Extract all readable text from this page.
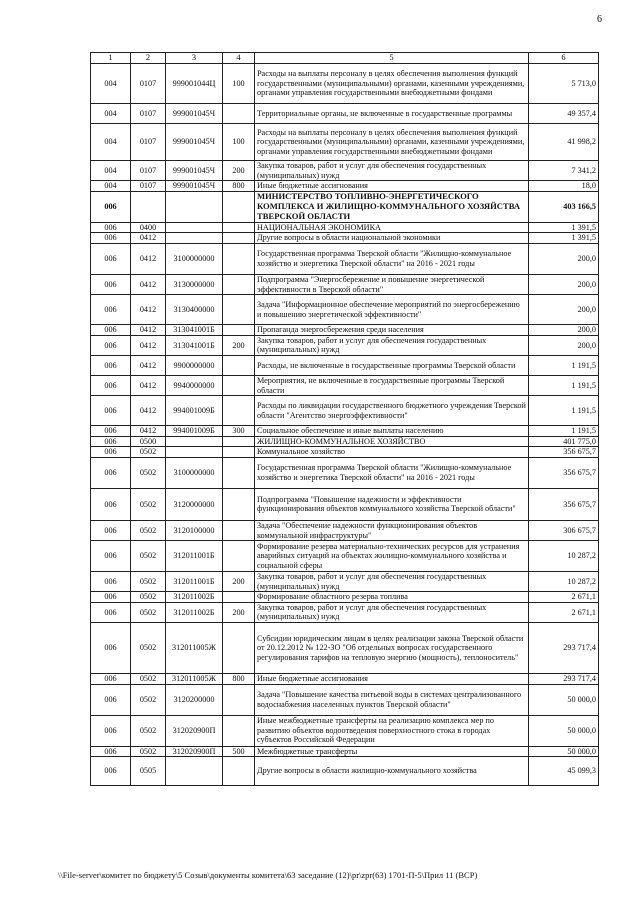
6
1	2	3	4	5	6
004	0107	999001044Ц	100	Расходы на выплаты персоналу в целях обеспечения выполнения функций государственными (муниципальными) органами, казенными учреждениями, органами управления государственными внебюджетными фондами	5 713,0
004	0107	999001045Ч		Территориальные органы, не включенные в государственные программы	49 357,4
004	0107	999001045Ч	100	Расходы на выплаты персоналу в целях обеспечения выполнения функций государственными (муниципальными) органами, казенными учреждениями, органами управления государственными внебюджетными фондами	41 998,2
004	0107	999001045Ч	200	Закупка товаров, работ и услуг для обеспечения государственных (муниципальных) нужд	7 341,2
004	0107	999001045Ч	800	Иные бюджетные ассигнования	18,0
006				МИНИСТЕРСТВО ТОПЛИВНО-ЭНЕРГЕТИЧЕСКОГО КОМПЛЕКСА И ЖИЛИЩНО-КОММУНАЛЬНОГО ХОЗЯЙСТВА ТВЕРСКОЙ ОБЛАСТИ	403 166,5
006	0400			НАЦИОНАЛЬНАЯ ЭКОНОМИКА	1 391,5
006	0412			Другие вопросы в области национальной экономики	1 391,5
006	0412	3100000000		Государственная программа Тверской области "Жилищно-коммунальное хозяйство и энергетика Тверской области" на 2016 - 2021 годы	200,0
006	0412	3130000000		Подпрограмма "Энергосбережение и повышение энергетической эффективности в Тверской области"	200,0
006	0412	3130400000		Задача "Информационное обеспечение мероприятий по энергосбережению и повышению энергетической эффективности"	200,0
006	0412	313041001Б		Пропаганда энергосбережения среди населения	200,0
006	0412	313041001Б	200	Закупка товаров, работ и услуг для обеспечения государственных (муниципальных) нужд	200,0
006	0412	9900000000		Расходы, не включенные в государственные программы Тверской области	1 191,5
006	0412	9940000000		Мероприятия, не включенные в государственные программы Тверской области	1 191,5
006	0412	994001009Б		Расходы по ликвидации государственного бюджетного учреждения Тверской области "Агентство энергоэффективности"	1 191,5
006	0412	994001009Б	300	Социальное обеспечение и иные выплаты населению	1 191,5
006	0500			ЖИЛИЩНО-КОММУНАЛЬНОЕ ХОЗЯЙСТВО	401 775,0
006	0502			Коммунальное хозяйство	356 675,7
006	0502	3100000000		Государственная программа Тверской области "Жилищно-коммунальное хозяйство и энергетика Тверской области" на 2016 - 2021 годы	356 675,7
006	0502	3120000000		Подпрограмма "Повышение надежности и эффективности функционирования объектов коммунального хозяйства Тверской области"	356 675,7
006	0502	3120100000		Задача "Обеспечение надежности функционирования объектов коммунальной инфраструктуры"	306 675,7
006	0502	312011001Б		Формирование резерва материально-технических ресурсов для устранения аварийных ситуаций на объектах жилищно-коммунального хозяйства и социальной сферы	10 287,2
006	0502	312011001Б	200	Закупка товаров, работ и услуг для обеспечения государственных (муниципальных) нужд	10 287,2
006	0502	312011002Б		Формирование областного резерва топлива	2 671,1
006	0502	312011002Б	200	Закупка товаров, работ и услуг для обеспечения государственных (муниципальных) нужд	2 671,1
006	0502	312011005Ж		Субсидии юридическим лицам в целях реализации закона Тверской области от 20.12.2012 № 122-ЗО "Об отдельных вопросах государственного регулирования тарифов на тепловую энергию (мощность), теплоноситель"	293 717,4
006	0502	312011005Ж	800	Иные бюджетные ассигнования	293 717,4
006	0502	3120200000		Задача "Повышение качества питьевой воды в системах централизованного водоснабжения населенных пунктов Тверской области"	50 000,0
006	0502	312020900П		Иные межбюджетные трансферты на реализацию комплекса мер по развитию объектов водоотведения поверхностного стока в городах субъектов Российской Федерации	50 000,0
006	0502	312020900П	500	Межбюджетные трансферты	50 000,0
006	0505			Другие вопросы в области жилищно-коммунального хозяйства	45 099,3
\\File-server\комитет по бюджету\5 Созыв\документы комитета\63 заседание (12)\pr\zpr(63) 1701-П-5\Прил 11 (ВСР)
